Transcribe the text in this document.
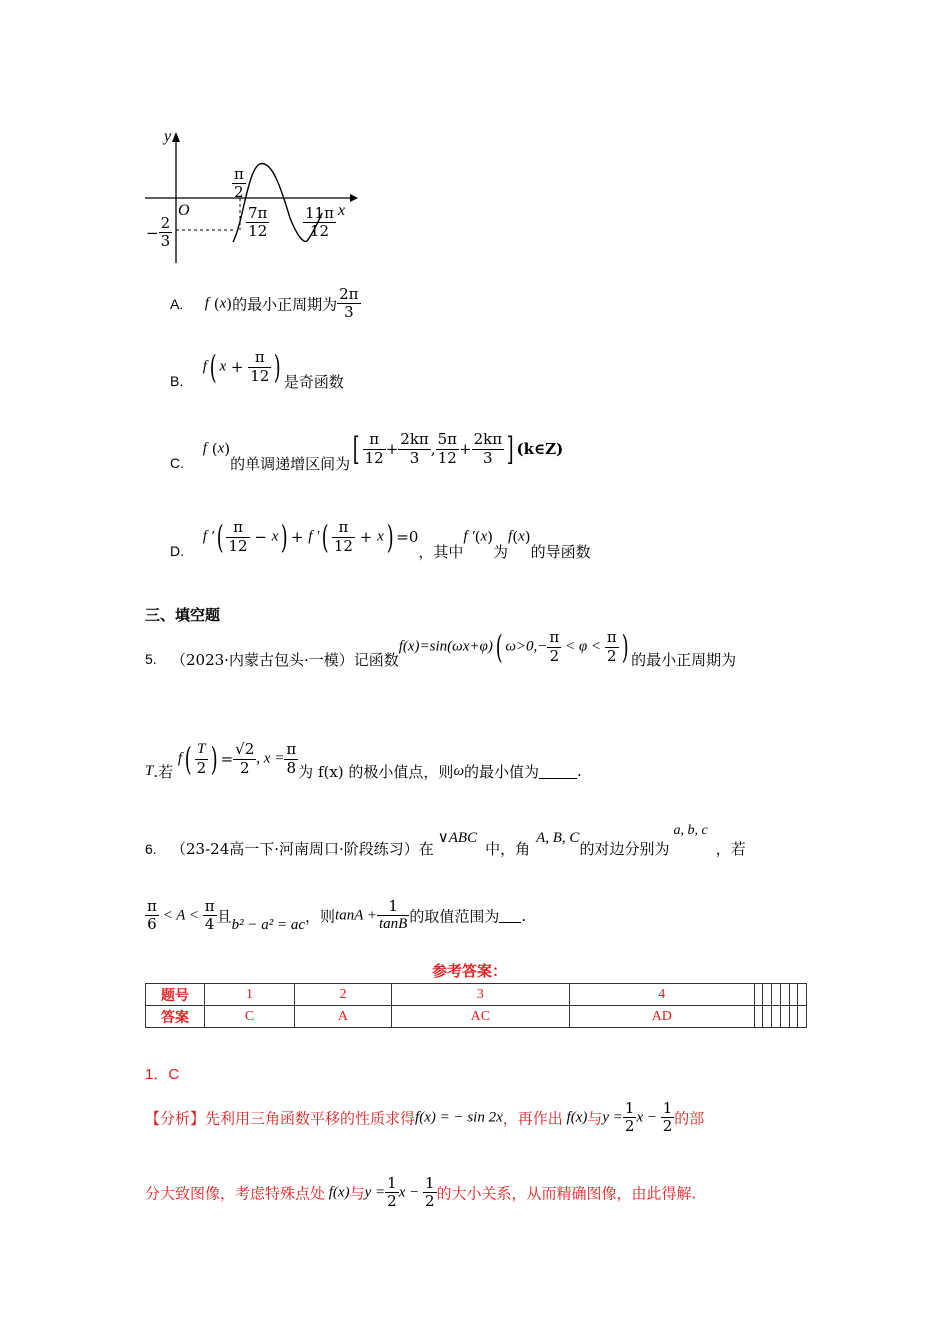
y
x
O
$\frac{\pi}{2}$
− $\frac{2}{3}$	$\frac{7\pi}{12} \frac{11\pi}{12}$
A. f (x)的最小正周期为 $\frac{2\pi}{3}$
B. f( $x + \frac{\pi}{12}$ ) 是奇函数
C. f (x)的单调递增区间为[ $\frac{\pi}{12} + \frac{2k\pi}{3}$ , $\frac{5\pi}{12} + \frac{2k\pi}{3}$ ] (k∈Z)
D. f ′( $\frac{\pi}{12} - x) + f$ ′( $\frac{\pi}{12} + x) =0$，其中f ′(x)为f(x)的导函数
三、填空题
5. （2023·内蒙古包头·一模）记函数f(x)=sin(ωx+φ)( $\omega>0,- \frac{\pi}{2} < \varphi < \frac{\pi}{2}$ ) 的最小正周期为
T.若 $f( \frac{T}{2}$ ) = $\frac{√2}{2}$ , $x = \frac{\pi}{8}$ 为 f(x) 的极小值点，则ω的最小值为	.
6. （23-24高一下·河南周口·阶段练习）在∨ABC中，角A, B, C的对边分别为a, b, c，若
$\frac{\pi}{6} < A < \frac{\pi}{4}$ 且b² − a² = ac，则$\tan A + \frac{1}{\tan B}$ 的取值范围为 .
参考答案：
题号	1	2	3	4						
答案	C	A	AC	AD						
1．C
【分析】先利用三角函数平移的性质求得f(x) = − sin 2x，再作出 f(x)与$y = \frac{1}{2}$ $x - \frac{1}{2}$ 的部
分大致图像，考虑特殊点处 f(x)与$y = \frac{1}{2}$ $x - \frac{1}{2}$ 的大小关系，从而精确图像，由此得解.
